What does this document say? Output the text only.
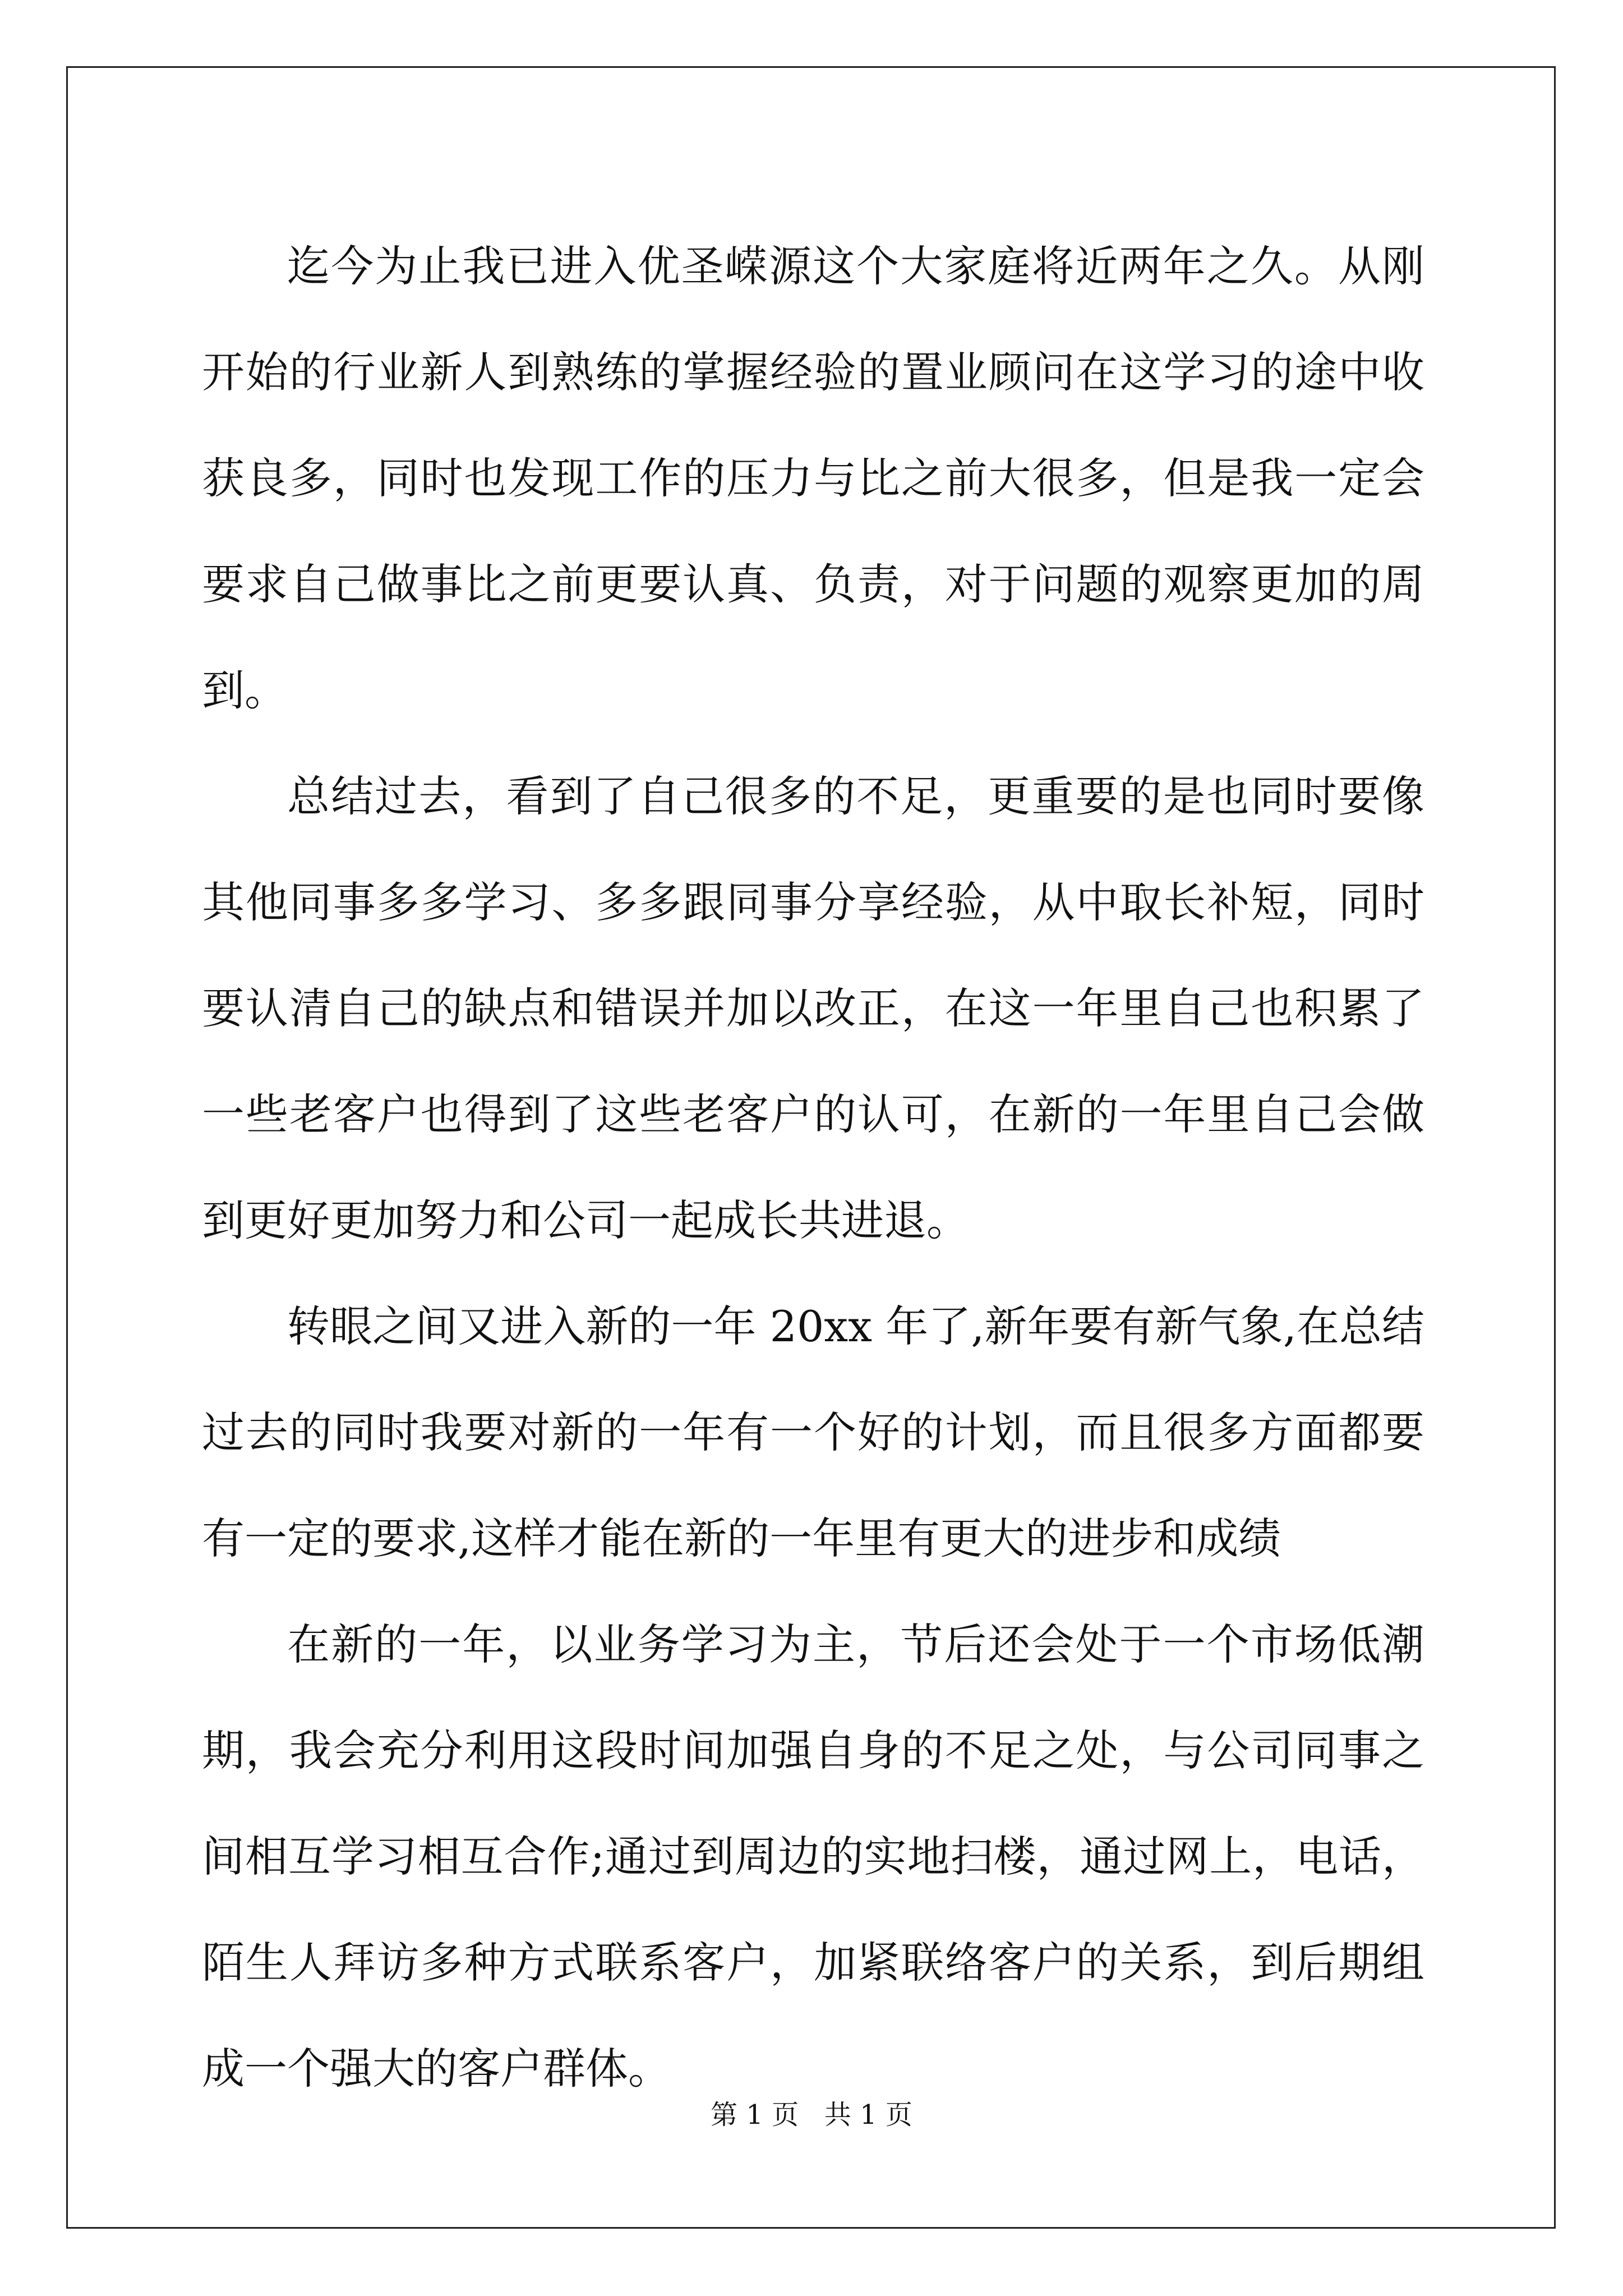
迄今为止我已进入优圣嵘源这个大家庭将近两年之久。从刚开始的行业新人到熟练的掌握经验的置业顾问在这学习的途中收获良多，同时也发现工作的压力与比之前大很多，但是我一定会要求自己做事比之前更要认真、负责，对于问题的观察更加的周到。

总结过去，看到了自己很多的不足，更重要的是也同时要像其他同事多多学习、多多跟同事分享经验，从中取长补短，同时要认清自己的缺点和错误并加以改正，在这一年里自己也积累了一些老客户也得到了这些老客户的认可，在新的一年里自己会做到更好更加努力和公司一起成长共进退。

转眼之间又进入新的一年 20xx 年了,新年要有新气象,在总结过去的同时我要对新的一年有一个好的计划，而且很多方面都要有一定的要求,这样才能在新的一年里有更大的进步和成绩

在新的一年，以业务学习为主，节后还会处于一个市场低潮期，我会充分利用这段时间加强自身的不足之处，与公司同事之间相互学习相互合作;通过到周边的实地扫楼，通过网上，电话，陌生人拜访多种方式联系客户，加紧联络客户的关系，到后期组成一个强大的客户群体。

第 1 页   共 1 页
